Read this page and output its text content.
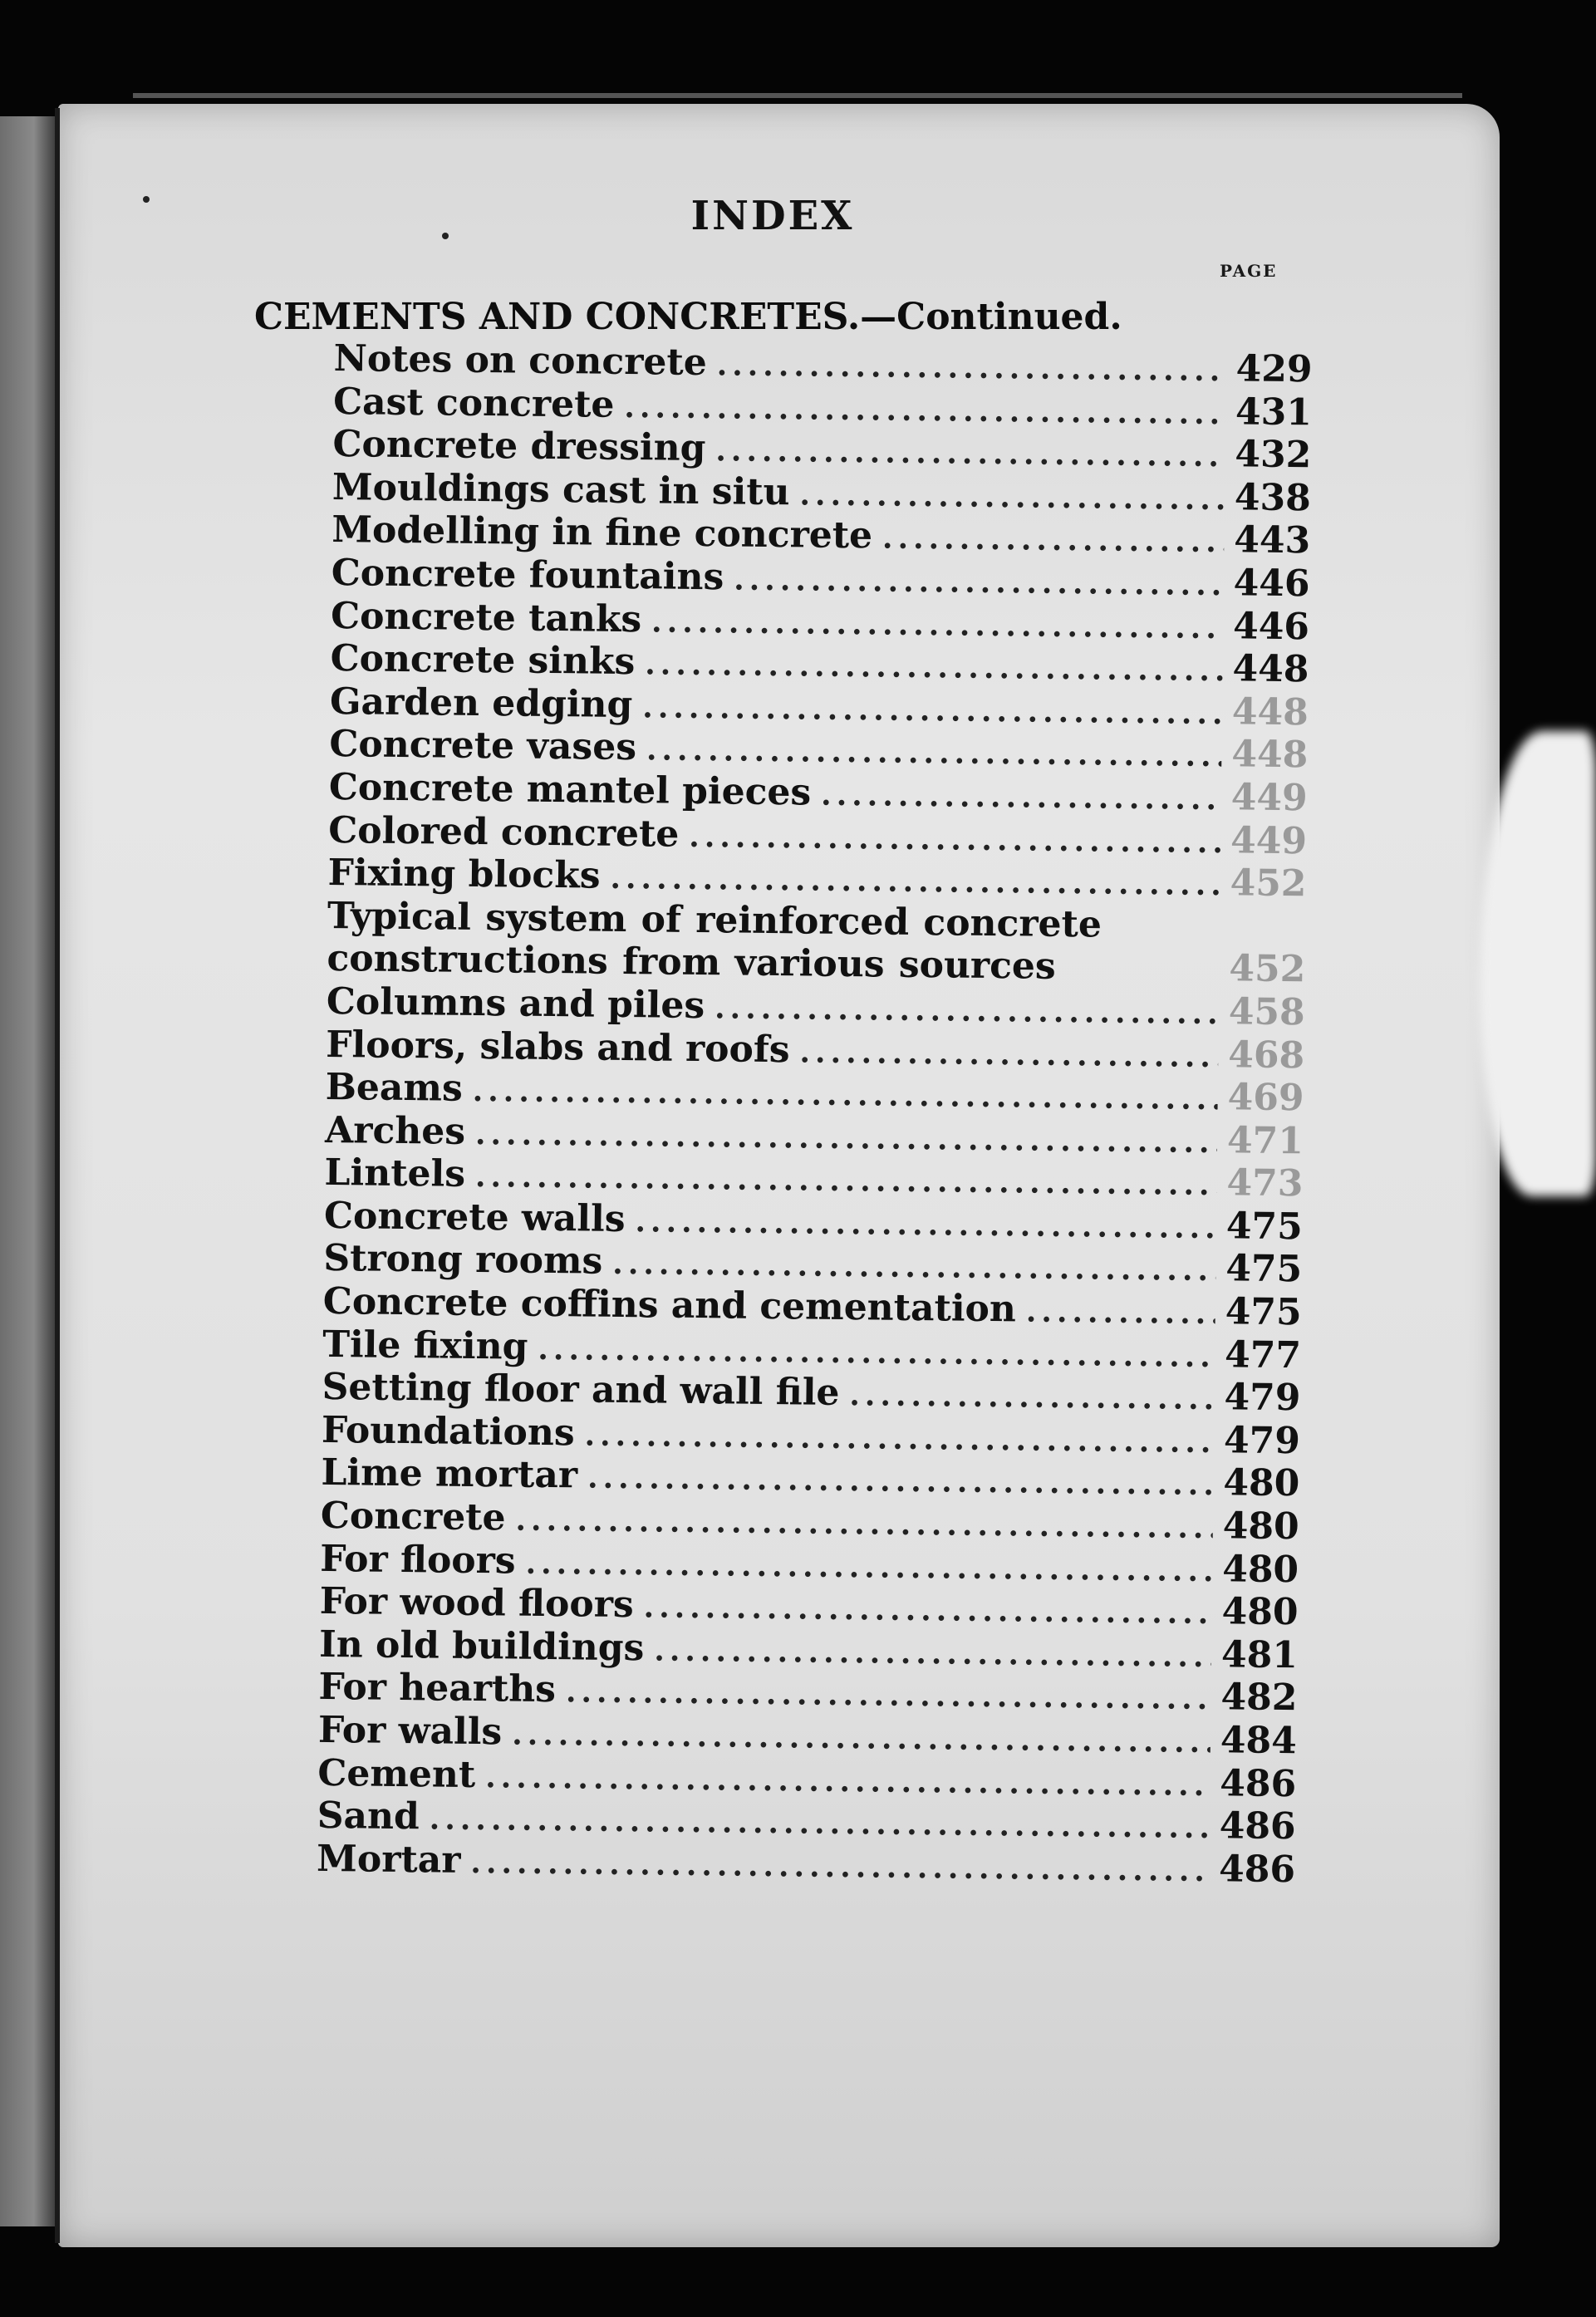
INDEX
PAGE
CEMENTS AND CONCRETES.—Continued.
Notes on concrete .....	429
Cast concrete .....	431
Concrete dressing .....	432
Mouldings cast in situ .....	438
Modelling in fine concrete .....	443
Concrete fountains .....	446
Concrete tanks .....	446
Concrete sinks .....	448
Garden edging .....	448
Concrete vases .....	448
Concrete mantel pieces .....	449
Colored concrete .....	449
Fixing blocks .....	452
Typical system of reinforced concrete constructions from various sources	452
Columns and piles .....	458
Floors, slabs and roofs .....	468
Beams .....	469
Arches .....	471
Lintels .....	473
Concrete walls .....	475
Strong rooms .....	475
Concrete coffins and cementation .....	475
Tile fixing .....	477
Setting floor and wall file .....	479
Foundations .....	479
Lime mortar .....	480
Concrete .....	480
For floors .....	480
For wood floors .....	480
In old buildings .....	481
For hearths .....	482
For walls .....	484
Cement .....	486
Sand .....	486
Mortar .....	486
